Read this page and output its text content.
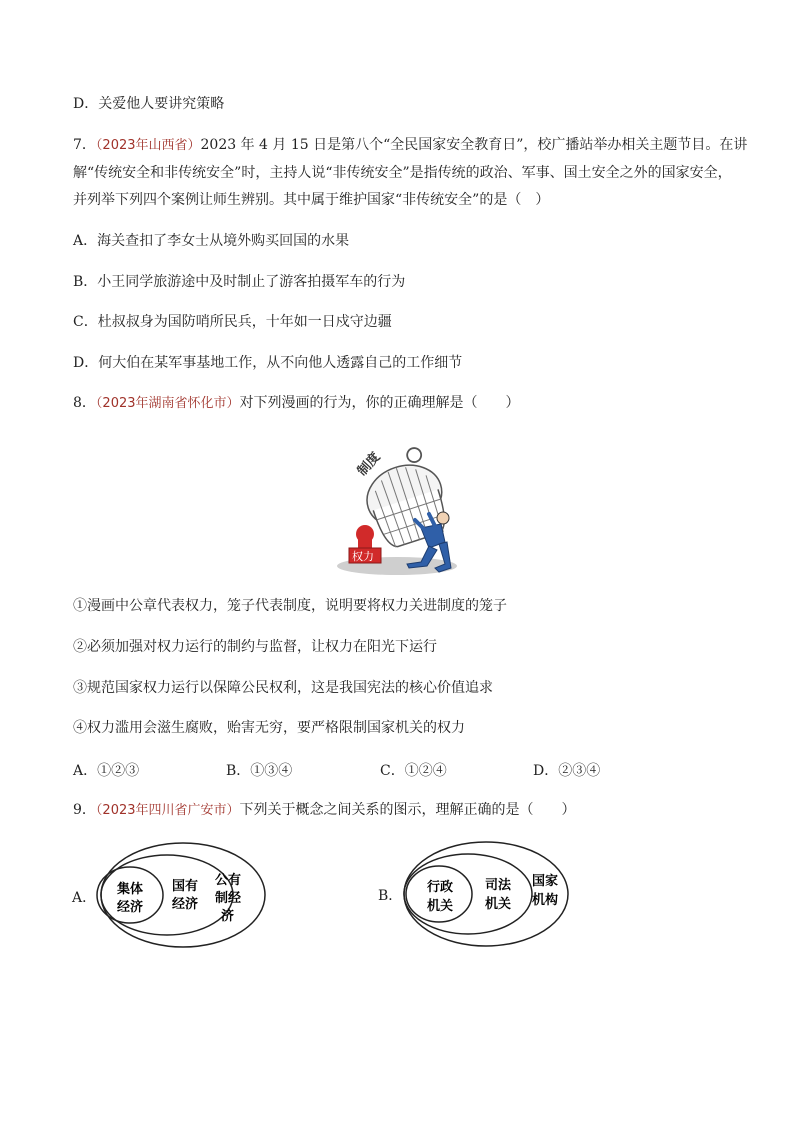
D．关爱他人要讲究策略
7．（2023年山西省）2023 年 4 月 15 日是第八个“全民国家安全教育日”，校广播站举办相关主题节目。在讲
解“传统安全和非传统安全”时，主持人说“非传统安全”是指传统的政治、军事、国土安全之外的国家安全，
并列举下列四个案例让师生辨别。其中属于维护国家“非传统安全”的是（　）
A．海关查扣了李女士从境外购买回国的水果
B．小王同学旅游途中及时制止了游客拍摄军车的行为
C．杜叔叔身为国防哨所民兵，十年如一日戍守边疆
D．何大伯在某军事基地工作，从不向他人透露自己的工作细节
8．（2023年湖南省怀化市）对下列漫画的行为，你的正确理解是（　　）
制度
权力
①漫画中公章代表权力，笼子代表制度，说明要将权力关进制度的笼子
②必须加强对权力运行的制约与监督，让权力在阳光下运行
③规范国家权力运行以保障公民权利，这是我国宪法的核心价值追求
④权力滥用会滋生腐败，贻害无穷，要严格限制国家机关的权力
A．①②③	B．①③④	C．①②④	D．②③④
9．（2023年四川省广安市）下列关于概念之间关系的图示，理解正确的是（　　）
A．
集体
经济
国有
经济
公有
制经
济
B．
行政
机关
司法
机关
国家
机构
